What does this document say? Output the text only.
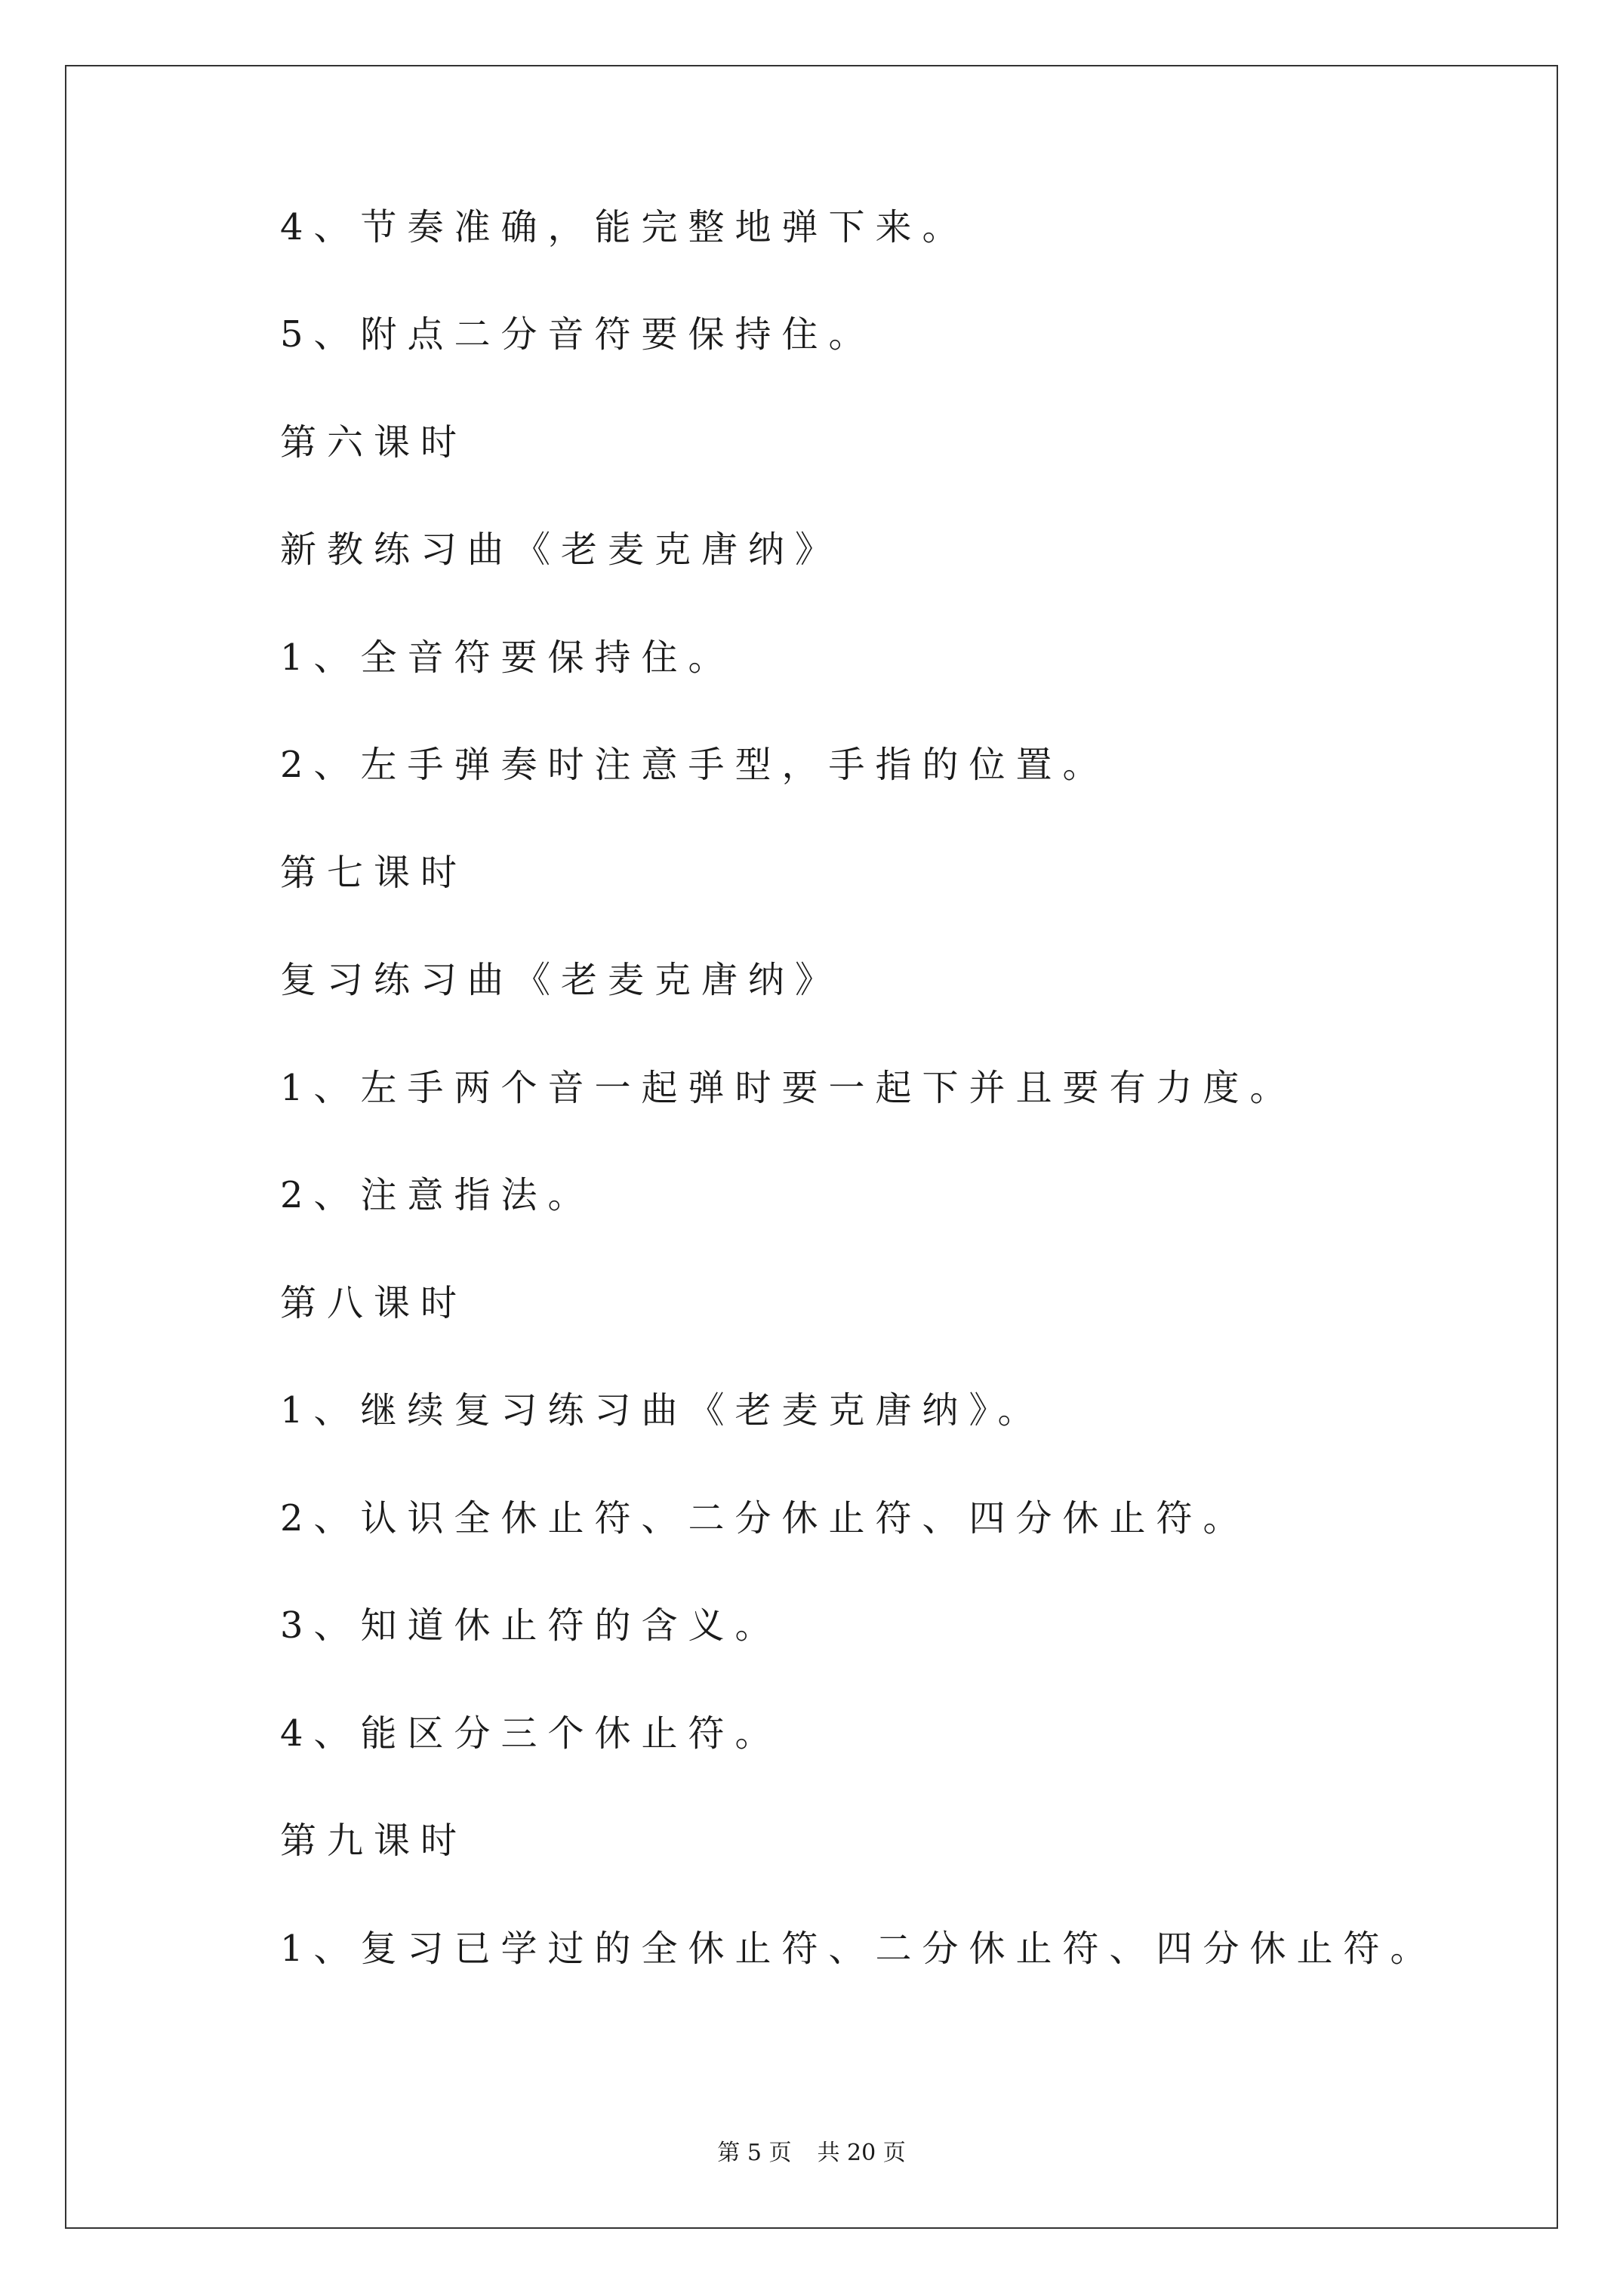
4、节奏准确，能完整地弹下来。
5、附点二分音符要保持住。
第六课时
新教练习曲《老麦克唐纳》
1、全音符要保持住。
2、左手弹奏时注意手型，手指的位置。
第七课时
复习练习曲《老麦克唐纳》
1、左手两个音一起弹时要一起下并且要有力度。
2、注意指法。
第八课时
1、继续复习练习曲《老麦克唐纳》。
2、认识全休止符、二分休止符、四分休止符。
3、知道休止符的含义。
4、能区分三个休止符。
第九课时
1、复习已学过的全休止符、二分休止符、四分休止符。
第 5 页 共 20 页
